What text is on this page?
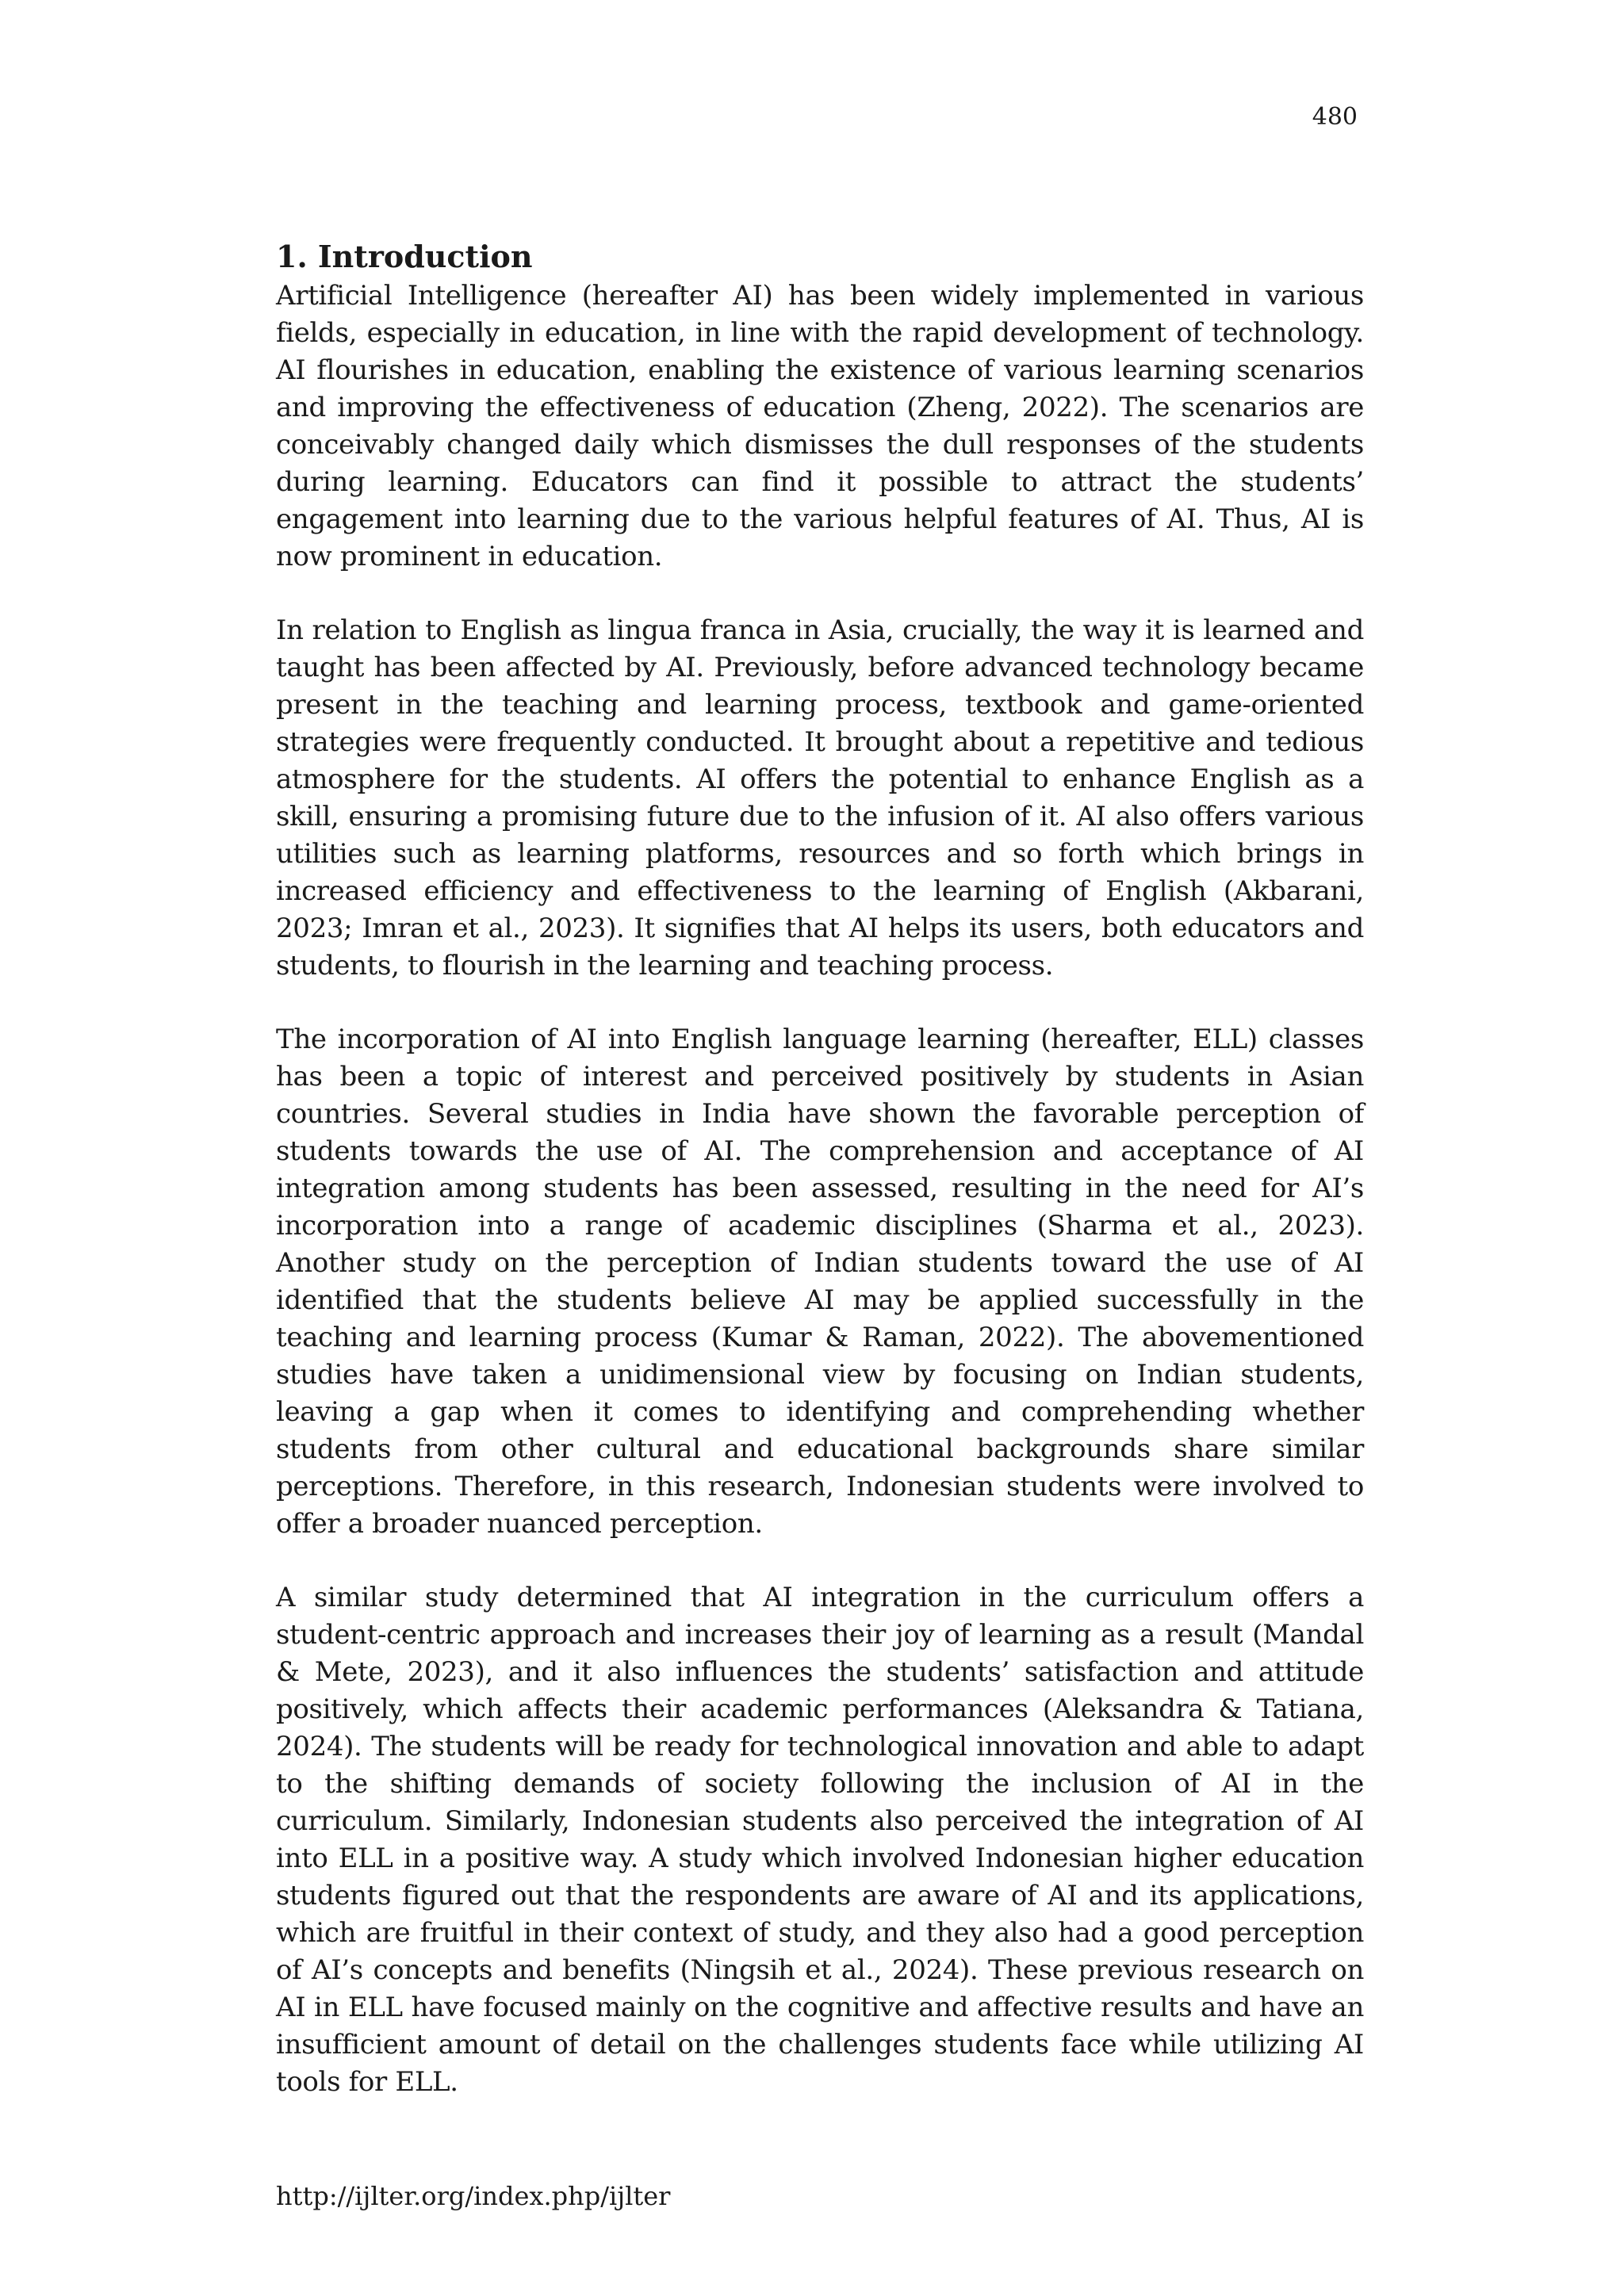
480
1. Introduction

Artificial Intelligence (hereafter AI) has been widely implemented in various fields, especially in education, in line with the rapid development of technology. AI flourishes in education, enabling the existence of various learning scenarios and improving the effectiveness of education (Zheng, 2022). The scenarios are conceivably changed daily which dismisses the dull responses of the students during learning. Educators can find it possible to attract the students’ engagement into learning due to the various helpful features of AI. Thus, AI is now prominent in education.

In relation to English as lingua franca in Asia, crucially, the way it is learned and taught has been affected by AI. Previously, before advanced technology became present in the teaching and learning process, textbook and game-oriented strategies were frequently conducted. It brought about a repetitive and tedious atmosphere for the students. AI offers the potential to enhance English as a skill, ensuring a promising future due to the infusion of it. AI also offers various utilities such as learning platforms, resources and so forth which brings in increased efficiency and effectiveness to the learning of English (Akbarani, 2023; Imran et al., 2023). It signifies that AI helps its users, both educators and students, to flourish in the learning and teaching process.

The incorporation of AI into English language learning (hereafter, ELL) classes has been a topic of interest and perceived positively by students in Asian countries. Several studies in India have shown the favorable perception of students towards the use of AI. The comprehension and acceptance of AI integration among students has been assessed, resulting in the need for AI’s incorporation into a range of academic disciplines (Sharma et al., 2023). Another study on the perception of Indian students toward the use of AI identified that the students believe AI may be applied successfully in the teaching and learning process (Kumar & Raman, 2022). The abovementioned studies have taken a unidimensional view by focusing on Indian students, leaving a gap when it comes to identifying and comprehending whether students from other cultural and educational backgrounds share similar perceptions. Therefore, in this research, Indonesian students were involved to offer a broader nuanced perception.

A similar study determined that AI integration in the curriculum offers a student-centric approach and increases their joy of learning as a result (Mandal & Mete, 2023), and it also influences the students’ satisfaction and attitude positively, which affects their academic performances (Aleksandra & Tatiana, 2024). The students will be ready for technological innovation and able to adapt to the shifting demands of society following the inclusion of AI in the curriculum. Similarly, Indonesian students also perceived the integration of AI into ELL in a positive way. A study which involved Indonesian higher education students figured out that the respondents are aware of AI and its applications, which are fruitful in their context of study, and they also had a good perception of AI’s concepts and benefits (Ningsih et al., 2024). These previous research on AI in ELL have focused mainly on the cognitive and affective results and have an insufficient amount of detail on the challenges students face while utilizing AI tools for ELL.

http://ijlter.org/index.php/ijlter
